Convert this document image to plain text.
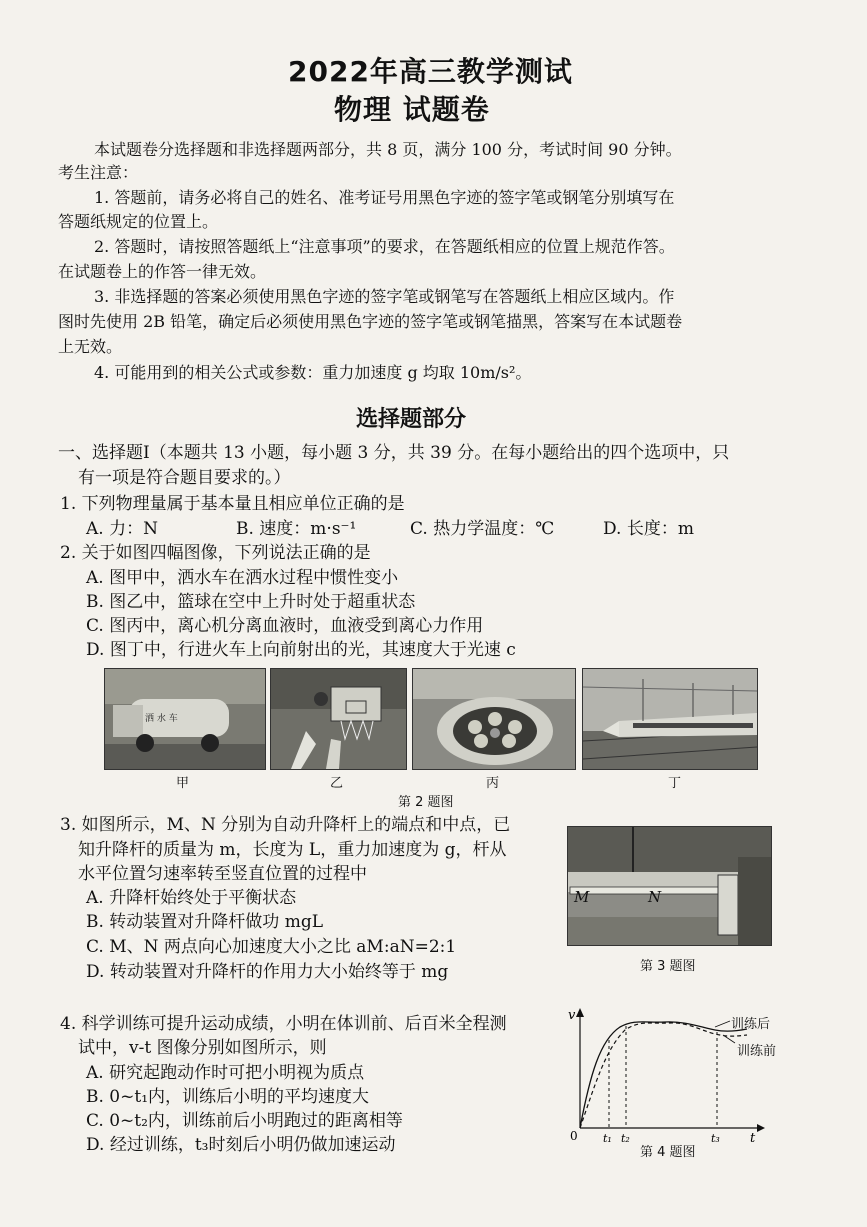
2022年高三教学测试
物理 试题卷
本试题卷分选择题和非选择题两部分，共 8 页，满分 100 分，考试时间 90 分钟。
考生注意：
1. 答题前，请务必将自己的姓名、准考证号用黑色字迹的签字笔或钢笔分别填写在
答题纸规定的位置上。
2. 答题时，请按照答题纸上“注意事项”的要求，在答题纸相应的位置上规范作答。
在试题卷上的作答一律无效。
3. 非选择题的答案必须使用黑色字迹的签字笔或钢笔写在答题纸上相应区域内。作
图时先使用 2B 铅笔，确定后必须使用黑色字迹的签字笔或钢笔描黑，答案写在本试题卷
上无效。
4. 可能用到的相关公式或参数：重力加速度 g 均取 10m/s²。
选择题部分
一、选择题Ⅰ（本题共 13 小题，每小题 3 分，共 39 分。在每小题给出的四个选项中，只
有一项是符合题目要求的。）
1. 下列物理量属于基本量且相应单位正确的是
A. 力：N	B. 速度：m·s⁻¹	C. 热力学温度：℃	D. 长度：m
2. 关于如图四幅图像，下列说法正确的是
A. 图甲中，洒水车在洒水过程中惯性变小
B. 图乙中，篮球在空中上升时处于超重状态
C. 图丙中，离心机分离血液时，血液受到离心力作用
D. 图丁中，行进火车上向前射出的光，其速度大于光速 c
洒 水 车
甲	乙	丙	丁
第 2 题图
3. 如图所示，M、N 分别为自动升降杆上的端点和中点，已
知升降杆的质量为 m，长度为 L，重力加速度为 g，杆从
水平位置匀速率转至竖直位置的过程中
A. 升降杆始终处于平衡状态
B. 转动装置对升降杆做功 mgL
C. M、N 两点向心加速度大小之比 aM:aN=2:1
D. 转动装置对升降杆的作用力大小始终等于 mg
M	N
第 3 题图
4. 科学训练可提升运动成绩，小明在体训前、后百米全程测
试中，v-t 图像分别如图所示，则
A. 研究起跑动作时可把小明视为质点
B. 0~t₁内，训练后小明的平均速度大
C. 0~t₂内，训练前后小明跑过的距离相等
D. 经过训练，t₃时刻后小明仍做加速运动
v
t
0 t₁ t₂	t₃
训练后
训练前
第 4 题图
